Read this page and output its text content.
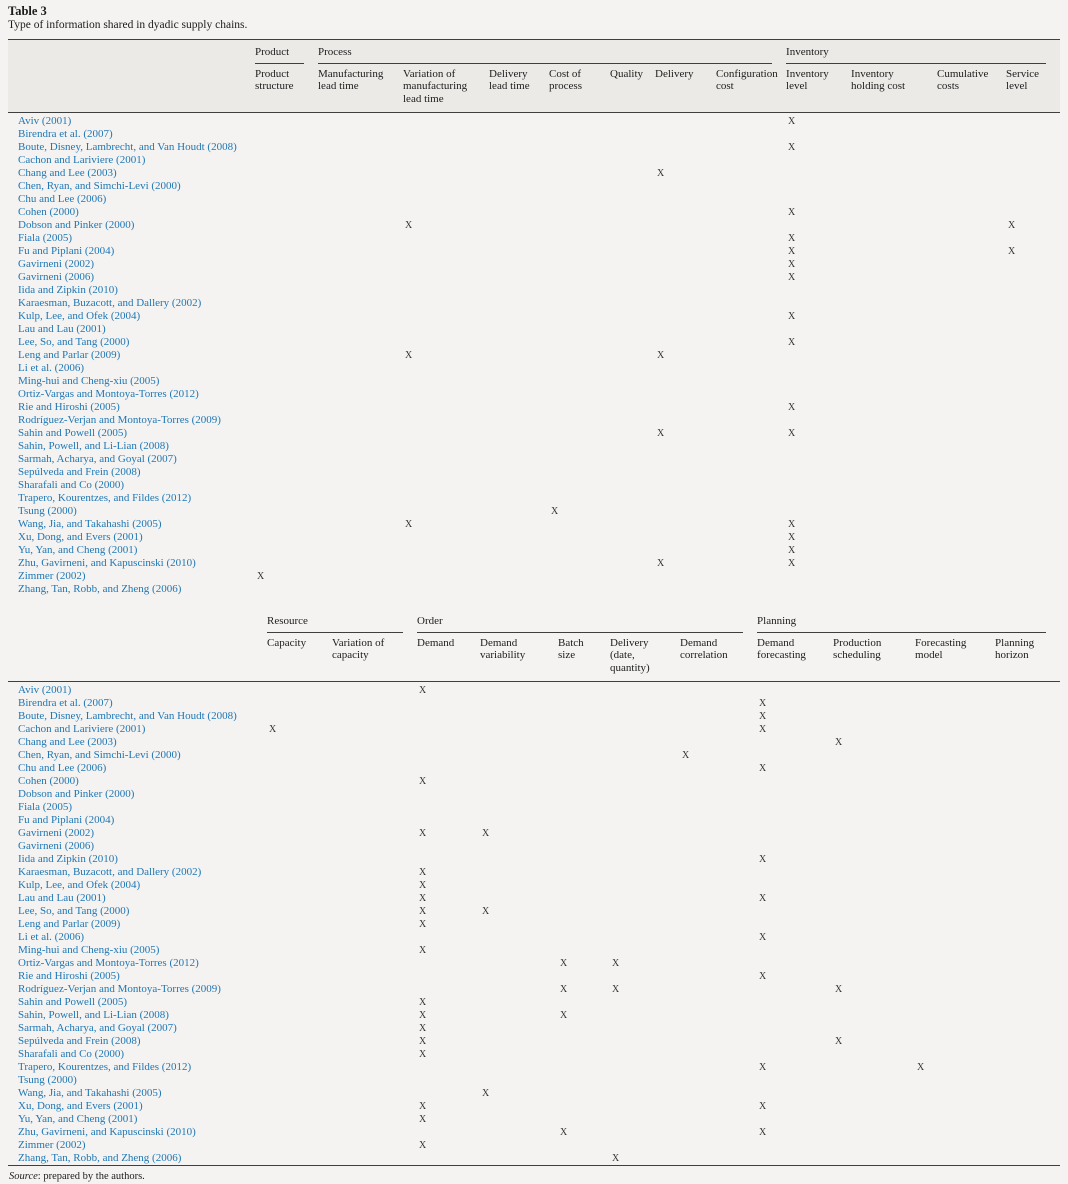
Table 3
Type of information shared in dyadic supply chains.

	Product	Process							Inventory			

	Product structure	Manufacturing lead time	Variation of manufacturing lead time	Delivery lead time	Cost of process	Quality	Delivery	Configuration cost	Inventory level	Inventory holding cost	Cumulative costs	Service level
Aviv (2001)									X			
Birendra et al. (2007)												
Boute, Disney, Lambrecht, and Van Houdt (2008)									X			
Cachon and Lariviere (2001)												
Chang and Lee (2003)							X					
Chen, Ryan, and Simchi-Levi (2000)												
Chu and Lee (2006)												
Cohen (2000)									X			
Dobson and Pinker (2000)			X									X
Fiala (2005)									X			
Fu and Piplani (2004)									X			X
Gavirneni (2002)									X			
Gavirneni (2006)									X			
Iida and Zipkin (2010)												
Karaesman, Buzacott, and Dallery (2002)												
Kulp, Lee, and Ofek (2004)									X			
Lau and Lau (2001)												
Lee, So, and Tang (2000)									X			
Leng and Parlar (2009)			X				X					
Li et al. (2006)												
Ming-hui and Cheng-xiu (2005)												
Ortiz-Vargas and Montoya-Torres (2012)												
Rie and Hiroshi (2005)									X			
Rodríguez-Verjan and Montoya-Torres (2009)												
Sahin and Powell (2005)							X		X			
Sahin, Powell, and Li-Lian (2008)												
Sarmah, Acharya, and Goyal (2007)												
Sepúlveda and Frein (2008)												
Sharafali and Co (2000)												
Trapero, Kourentzes, and Fildes (2012)												
Tsung (2000)					X							
Wang, Jia, and Takahashi (2005)			X						X			
Xu, Dong, and Evers (2001)									X			
Yu, Yan, and Cheng (2001)									X			
Zhu, Gavirneni, and Kapuscinski (2010)							X		X			
Zimmer (2002)	X											
Zhang, Tan, Robb, and Zheng (2006)												

	Resource		Order					Planning			

	Capacity	Variation of capacity	Demand	Demand variability	Batch size	Delivery (date, quantity)	Demand correlation	Demand forecasting	Production scheduling	Forecasting model	Planning horizon
Aviv (2001)			X								
Birendra et al. (2007)								X			
Boute, Disney, Lambrecht, and Van Houdt (2008)								X			
Cachon and Lariviere (2001)	X							X			
Chang and Lee (2003)									X		
Chen, Ryan, and Simchi-Levi (2000)							X				
Chu and Lee (2006)								X			
Cohen (2000)			X								
Dobson and Pinker (2000)											
Fiala (2005)											
Fu and Piplani (2004)											
Gavirneni (2002)			X	X							
Gavirneni (2006)											
Iida and Zipkin (2010)								X			
Karaesman, Buzacott, and Dallery (2002)			X								
Kulp, Lee, and Ofek (2004)			X								
Lau and Lau (2001)			X					X			
Lee, So, and Tang (2000)			X	X							
Leng and Parlar (2009)			X								
Li et al. (2006)								X			
Ming-hui and Cheng-xiu (2005)			X								
Ortiz-Vargas and Montoya-Torres (2012)					X	X					
Rie and Hiroshi (2005)								X			
Rodríguez-Verjan and Montoya-Torres (2009)					X	X			X		
Sahin and Powell (2005)			X								
Sahin, Powell, and Li-Lian (2008)			X		X						
Sarmah, Acharya, and Goyal (2007)			X								
Sepúlveda and Frein (2008)			X						X		
Sharafali and Co (2000)			X								
Trapero, Kourentzes, and Fildes (2012)								X		X	
Tsung (2000)											
Wang, Jia, and Takahashi (2005)				X							
Xu, Dong, and Evers (2001)			X					X			
Yu, Yan, and Cheng (2001)			X								
Zhu, Gavirneni, and Kapuscinski (2010)					X			X			
Zimmer (2002)			X								
Zhang, Tan, Robb, and Zheng (2006)						X					
Source: prepared by the authors.
